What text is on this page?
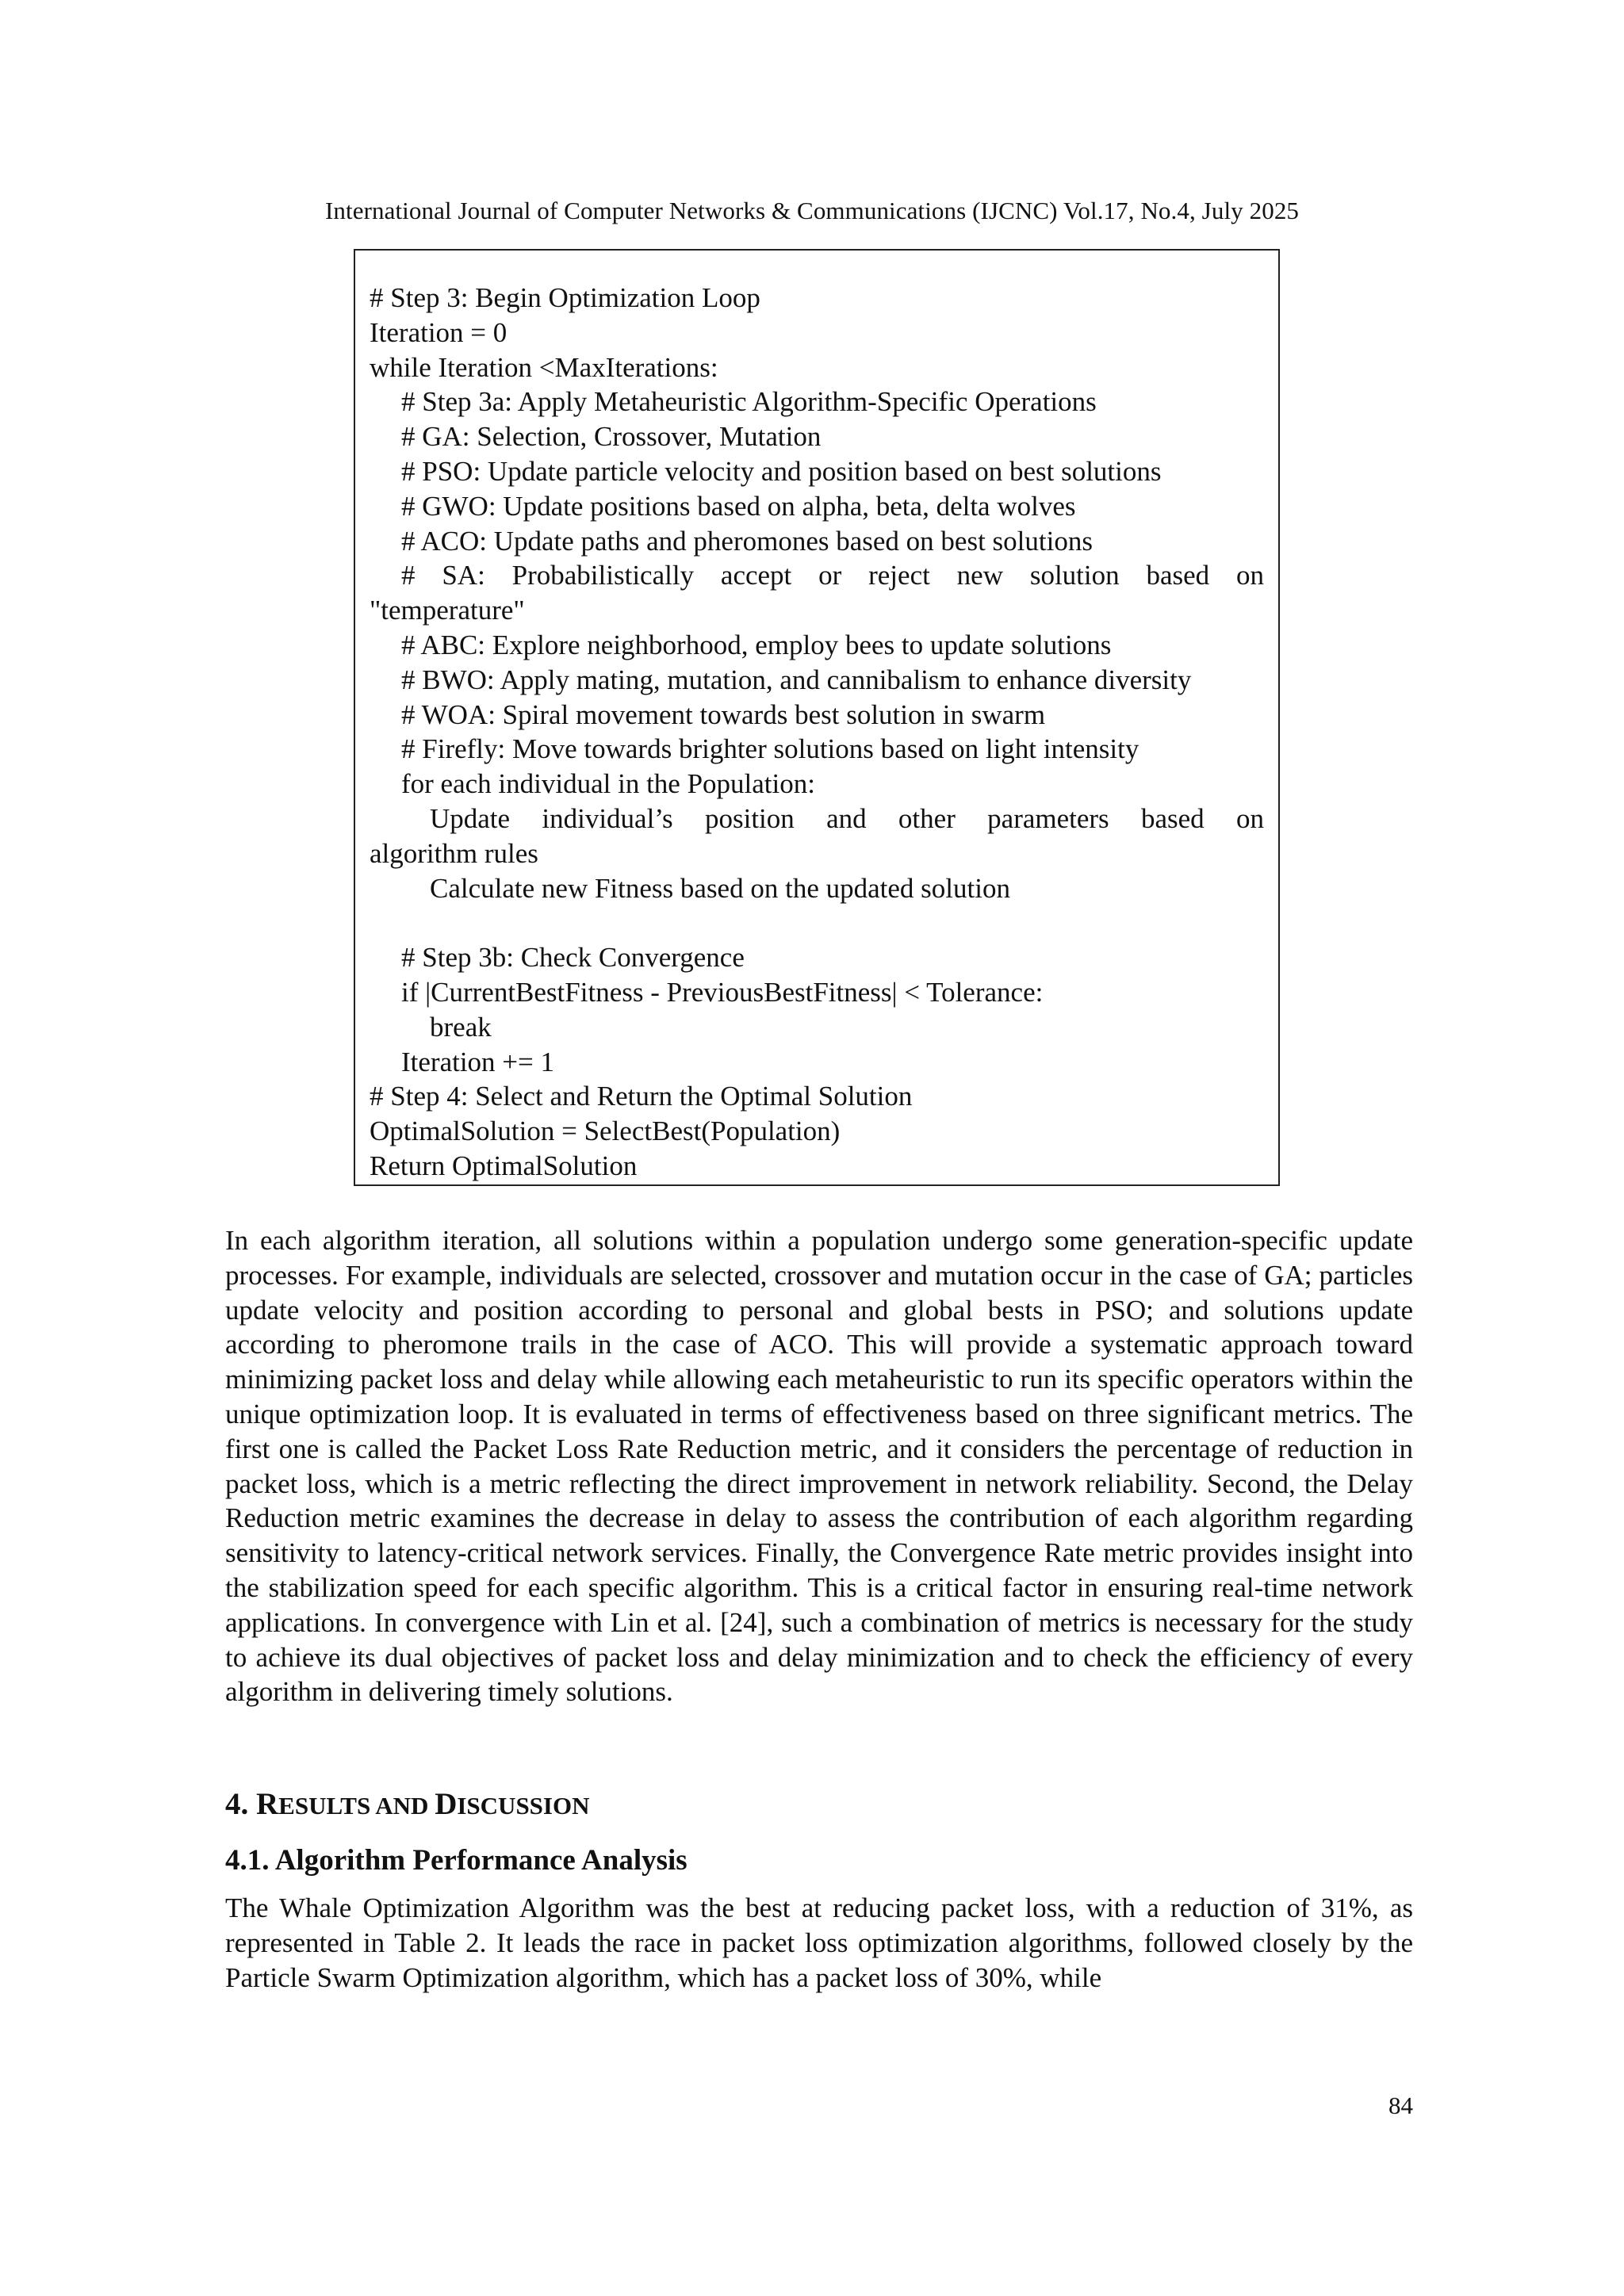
International Journal of Computer Networks & Communications (IJCNC) Vol.17, No.4, July 2025
# Step 3: Begin Optimization Loop
Iteration = 0
while Iteration <MaxIterations:
# Step 3a: Apply Metaheuristic Algorithm-Specific Operations
# GA: Selection, Crossover, Mutation
# PSO: Update particle velocity and position based on best solutions
# GWO: Update positions based on alpha, beta, delta wolves
# ACO: Update paths and pheromones based on best solutions
# SA: Probabilistically accept or reject new solution based on
"temperature"
# ABC: Explore neighborhood, employ bees to update solutions
# BWO: Apply mating, mutation, and cannibalism to enhance diversity
# WOA: Spiral movement towards best solution in swarm
# Firefly: Move towards brighter solutions based on light intensity
for each individual in the Population:
Update individual’s position and other parameters based on
algorithm rules
Calculate new Fitness based on the updated solution
# Step 3b: Check Convergence
if |CurrentBestFitness - PreviousBestFitness| < Tolerance:
break
Iteration += 1
# Step 4: Select and Return the Optimal Solution
OptimalSolution = SelectBest(Population)
Return OptimalSolution

In each algorithm iteration, all solutions within a population undergo some generation-specific update processes. For example, individuals are selected, crossover and mutation occur in the case of GA; particles update velocity and position according to personal and global bests in PSO; and solutions update according to pheromone trails in the case of ACO. This will provide a systematic approach toward minimizing packet loss and delay while allowing each metaheuristic to run its specific operators within the unique optimization loop. It is evaluated in terms of effectiveness based on three significant metrics. The first one is called the Packet Loss Rate Reduction metric, and it considers the percentage of reduction in packet loss, which is a metric reflecting the direct improvement in network reliability. Second, the Delay Reduction metric examines the decrease in delay to assess the contribution of each algorithm regarding sensitivity to latency-critical network services. Finally, the Convergence Rate metric provides insight into the stabilization speed for each specific algorithm. This is a critical factor in ensuring real-time network applications. In convergence with Lin et al. [24], such a combination of metrics is necessary for the study to achieve its dual objectives of packet loss and delay minimization and to check the efficiency of every algorithm in delivering timely solutions.

4. RESULTS AND DISCUSSION
4.1. Algorithm Performance Analysis

The Whale Optimization Algorithm was the best at reducing packet loss, with a reduction of 31%, as represented in Table 2. It leads the race in packet loss optimization algorithms, followed closely by the Particle Swarm Optimization algorithm, which has a packet loss of 30%, while

84
